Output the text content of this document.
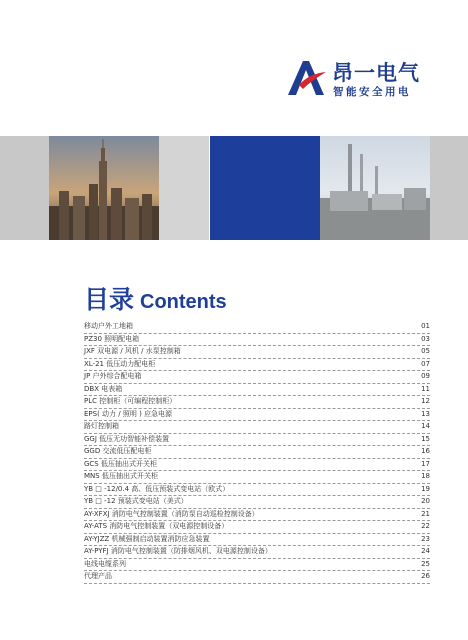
昂一电气
智能安全用电
目录 Contents
移动户外工地箱	01
PZ30 照明配电箱	03
JXF 双电源 / 风机 / 水泵控制箱	05
XL-21 低压动力配电柜	07
JP 户外综合配电箱	09
DBX 电表箱	11
PLC 控制柜（可编程控制柜）	12
EPS( 动力 / 照明 ) 应急电源	13
路灯控制箱	14
GGJ 低压无功智能补偿装置	15
GGD 交流低压配电柜	16
GCS 低压抽出式开关柜	17
MNS 低压抽出式开关柜	18
YB □ -12/0.4 高、低压预装式变电站（欧式）	19
YB □ -12 预装式变电站（美式）	20
AY-XFXJ 消防电气控制装置（消防泵自动巡检控制设备）	21
AY-ATS 消防电气控制装置（双电源控制设备）	22
AY-YJZZ 机械强制启动装置消防应急装置	23
AY-PYFJ 消防电气控制装置（防排烟风机、双电源控制设备）	24
电线电缆系列	25
代理产品	26
